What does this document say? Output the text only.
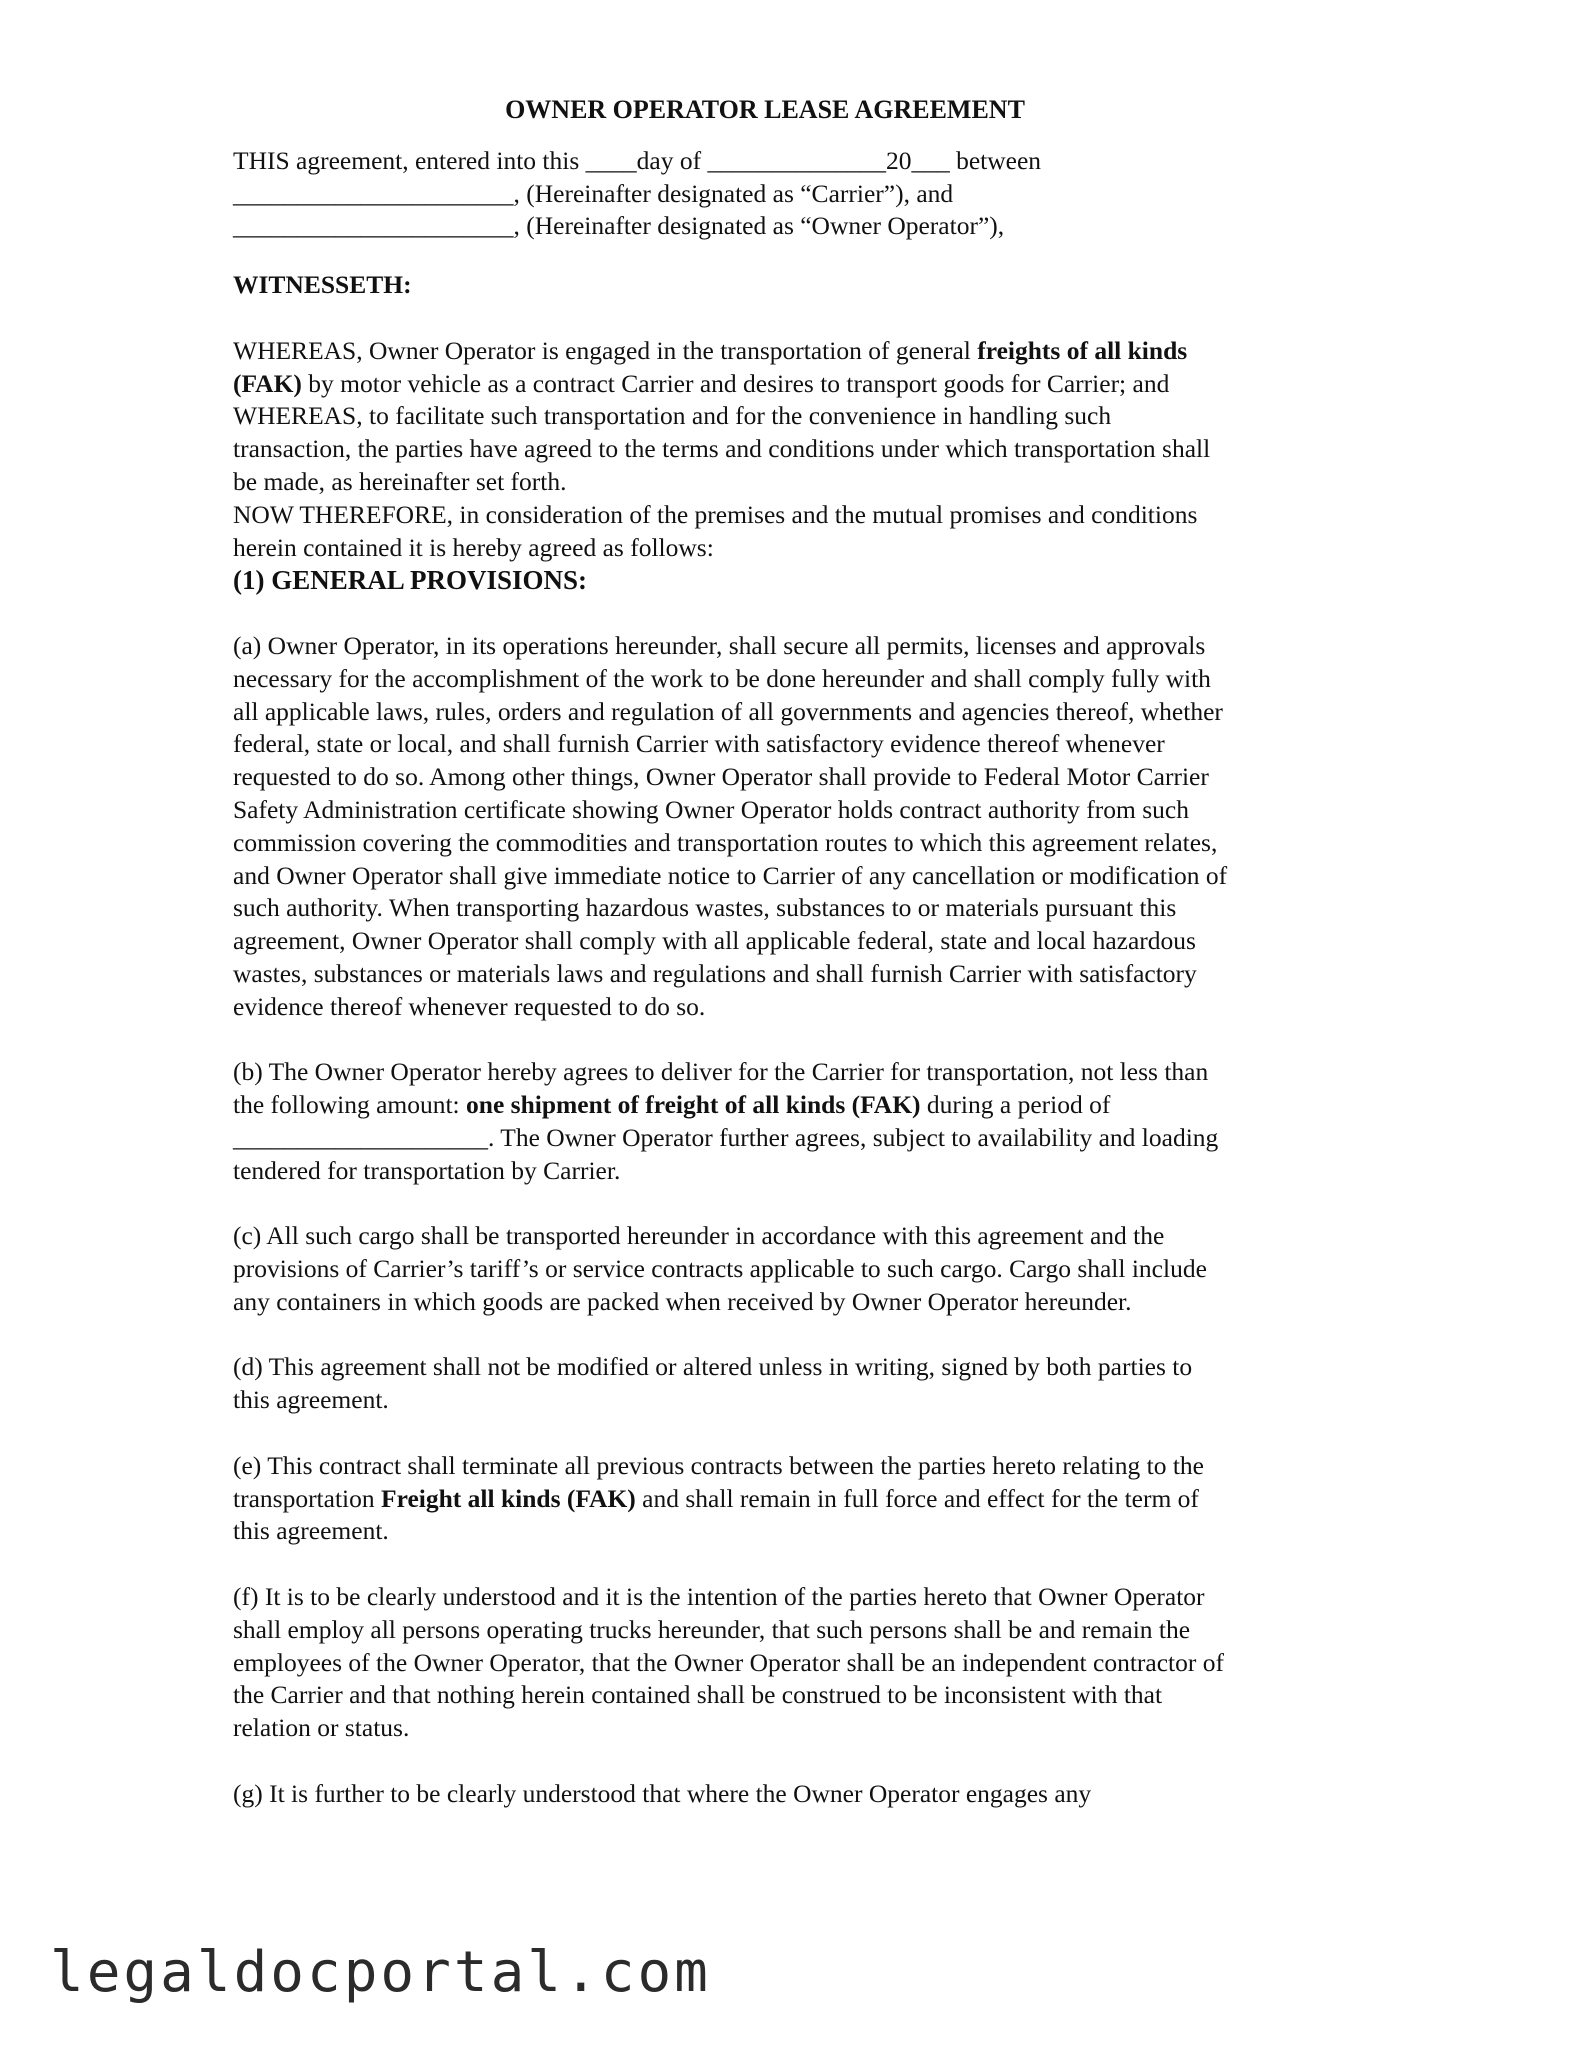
OWNER OPERATOR LEASE AGREEMENT
THIS agreement, entered into this ____day of ______________20___ between
______________________, (Hereinafter designated as “Carrier”), and
______________________, (Hereinafter designated as “Owner Operator”),
WITNESSETH:
WHEREAS, Owner Operator is engaged in the transportation of general freights of all kinds
(FAK) by motor vehicle as a contract Carrier and desires to transport goods for Carrier; and
WHEREAS, to facilitate such transportation and for the convenience in handling such
transaction, the parties have agreed to the terms and conditions under which transportation shall
be made, as hereinafter set forth.
NOW THEREFORE, in consideration of the premises and the mutual promises and conditions
herein contained it is hereby agreed as follows:
(1) GENERAL PROVISIONS:
(a) Owner Operator, in its operations hereunder, shall secure all permits, licenses and approvals
necessary for the accomplishment of the work to be done hereunder and shall comply fully with
all applicable laws, rules, orders and regulation of all governments and agencies thereof, whether
federal, state or local, and shall furnish Carrier with satisfactory evidence thereof whenever
requested to do so. Among other things, Owner Operator shall provide to Federal Motor Carrier
Safety Administration certificate showing Owner Operator holds contract authority from such
commission covering the commodities and transportation routes to which this agreement relates,
and Owner Operator shall give immediate notice to Carrier of any cancellation or modification of
such authority. When transporting hazardous wastes, substances to or materials pursuant this
agreement, Owner Operator shall comply with all applicable federal, state and local hazardous
wastes, substances or materials laws and regulations and shall furnish Carrier with satisfactory
evidence thereof whenever requested to do so.
(b) The Owner Operator hereby agrees to deliver for the Carrier for transportation, not less than
the following amount: one shipment of freight of all kinds (FAK) during a period of
____________________. The Owner Operator further agrees, subject to availability and loading
tendered for transportation by Carrier.
(c) All such cargo shall be transported hereunder in accordance with this agreement and the
provisions of Carrier’s tariff’s or service contracts applicable to such cargo. Cargo shall include
any containers in which goods are packed when received by Owner Operator hereunder.
(d) This agreement shall not be modified or altered unless in writing, signed by both parties to
this agreement.
(e) This contract shall terminate all previous contracts between the parties hereto relating to the
transportation Freight all kinds (FAK) and shall remain in full force and effect for the term of
this agreement.
(f) It is to be clearly understood and it is the intention of the parties hereto that Owner Operator
shall employ all persons operating trucks hereunder, that such persons shall be and remain the
employees of the Owner Operator, that the Owner Operator shall be an independent contractor of
the Carrier and that nothing herein contained shall be construed to be inconsistent with that
relation or status.
(g) It is further to be clearly understood that where the Owner Operator engages any
legaldocportal.com
